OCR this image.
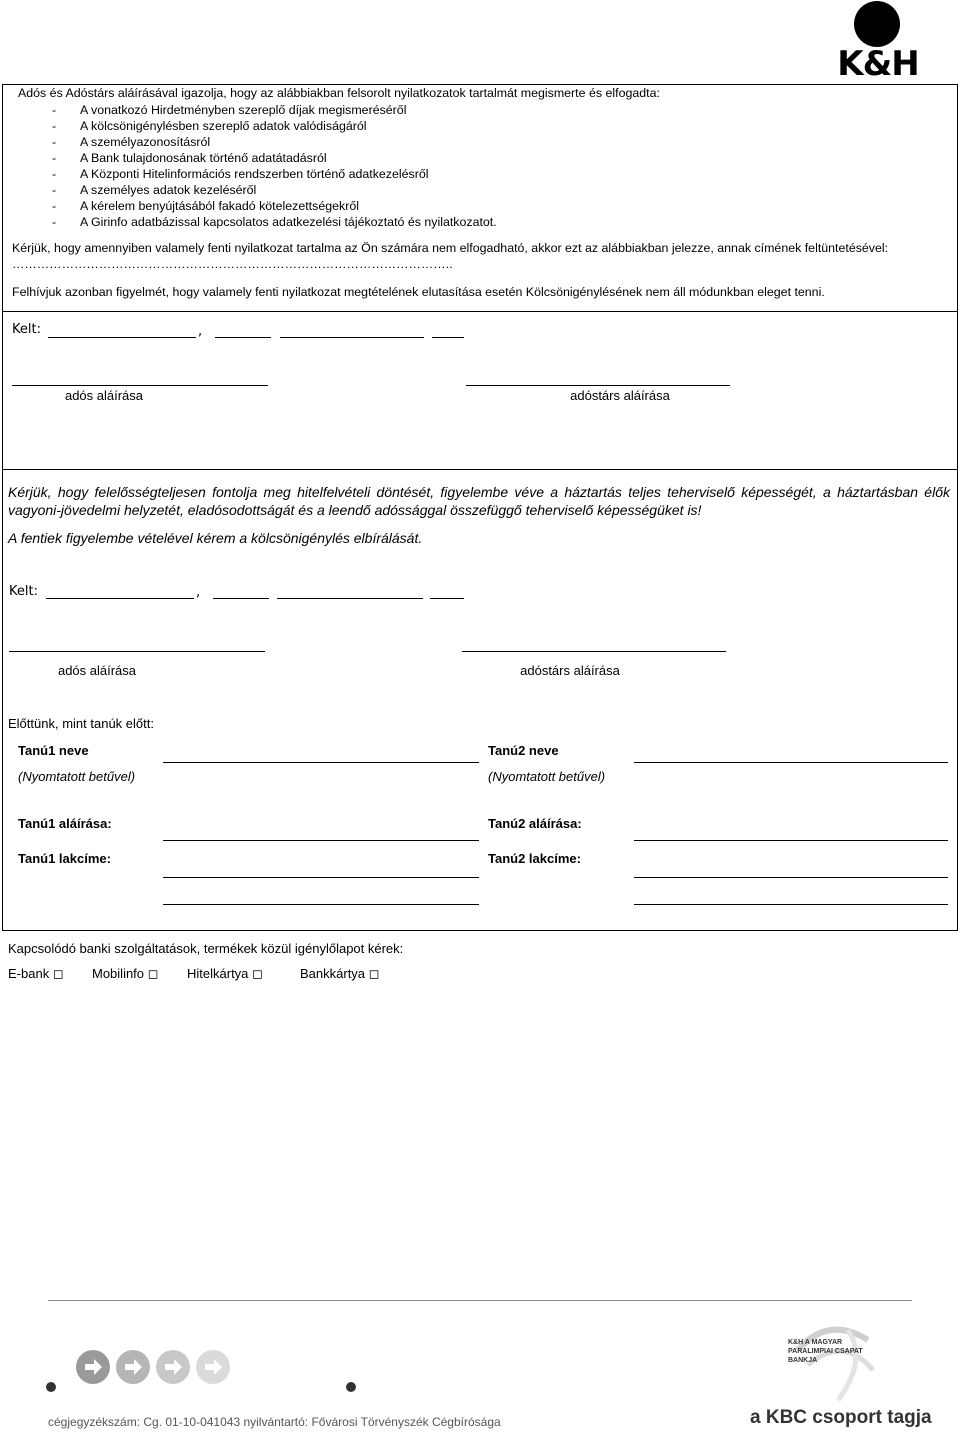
K&H
Adós és Adóstárs aláírásával igazolja, hogy az alábbiakban felsorolt nyilatkozatok tartalmát megismerte és elfogadta:
- A vonatkozó Hirdetményben szereplő díjak megismeréséről
- A kölcsönigénylésben szereplő adatok valódiságáról
- A személyazonosításról
- A Bank tulajdonosának történő adatátadásról
- A Központi Hitelinformációs rendszerben történő adatkezelésről
- A személyes adatok kezeléséről
- A kérelem benyújtásából fakadó kötelezettségekről
- A Girinfo adatbázissal kapcsolatos adatkezelési tájékoztató és nyilatkozatot.
Kérjük, hogy amennyiben valamely fenti nyilatkozat tartalma az Ön számára nem elfogadható, akkor ezt az alábbiakban jelezze, annak címének feltüntetésével: ……………………………………………………………………………………………..
Felhívjuk azonban figyelmét, hogy valamely fenti nyilatkozat megtételének elutasítása esetén Kölcsönigénylésének nem áll módunkban eleget tenni.
Kelt:	,
adós aláírása	adóstárs aláírása
Kérjük, hogy felelősségteljesen fontolja meg hitelfelvételi döntését, figyelembe véve a háztartás teljes teherviselő képességét, a háztartásban élők vagyoni-jövedelmi helyzetét, eladósodottságát és a leendő adóssággal összefüggő teherviselő képességüket is!
A fentiek figyelembe vételével kérem a kölcsönigénylés elbírálását.
Kelt:	,
adós aláírása	adóstárs aláírása
Előttünk, mint tanúk előtt:
Tanú1 neve	Tanú2 neve
(Nyomtatott betűvel)	(Nyomtatott betűvel)
Tanú1 aláírása:	Tanú2 aláírása:
Tanú1 lakcíme:	Tanú2 lakcíme:
Kapcsolódó banki szolgáltatások, termékek közül igénylőlapot kérek:
E-bank ◻ Mobilinfo ◻ Hitelkártya ◻	Bankkártya ◻
K&H A MAGYAR PARALIMPIAI CSAPAT BANKJA
cégjegyzékszám: Cg. 01-10-041043 nyilvántartó: Fővárosi Törvényszék Cégbírósága	a KBC csoport tagja
